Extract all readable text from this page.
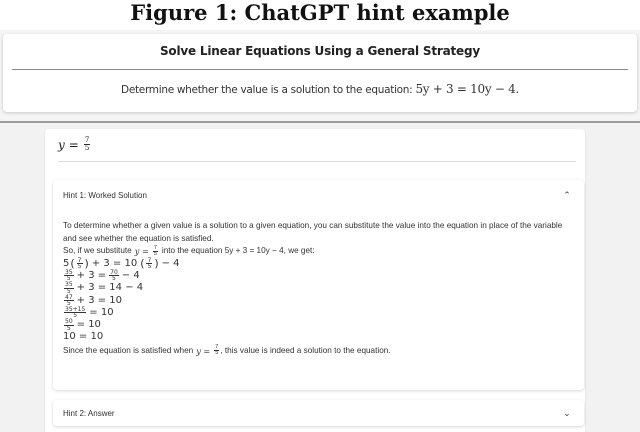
Figure 1: ChatGPT hint example
Solve Linear Equations Using a General Strategy
Determine whether the value is a solution to the equation: 5y + 3 = 10y − 4.
$y = \frac{7}{5}$
Hint 1: Worked Solution	⌃

To determine whether a given value is a solution to a given equation, you can substitute the value into the equation in place of the variable and see whether the equation is satisfied.

So, if we substitute $y = \frac{7}{5}$ into the equation 5y + 3 = 10y − 4, we get:

5 ( $\frac{7}{5}$ ) + 3 = 10 ( $\frac{7}{5}$ ) − 4
$\frac{35}{5} + 3 = \frac{70}{5} - 4$
$\frac{35}{5} + 3 = 14 - 4$
$\frac{47}{5} + 3 = 10$
$\frac{35+15}{5} = 10$
$\frac{50}{5} = 10$
10 = 10

Since the equation is satisfied when $y = \frac{7}{5}$ , this value is indeed a solution to the equation.

Hint 2: Answer	⌄
